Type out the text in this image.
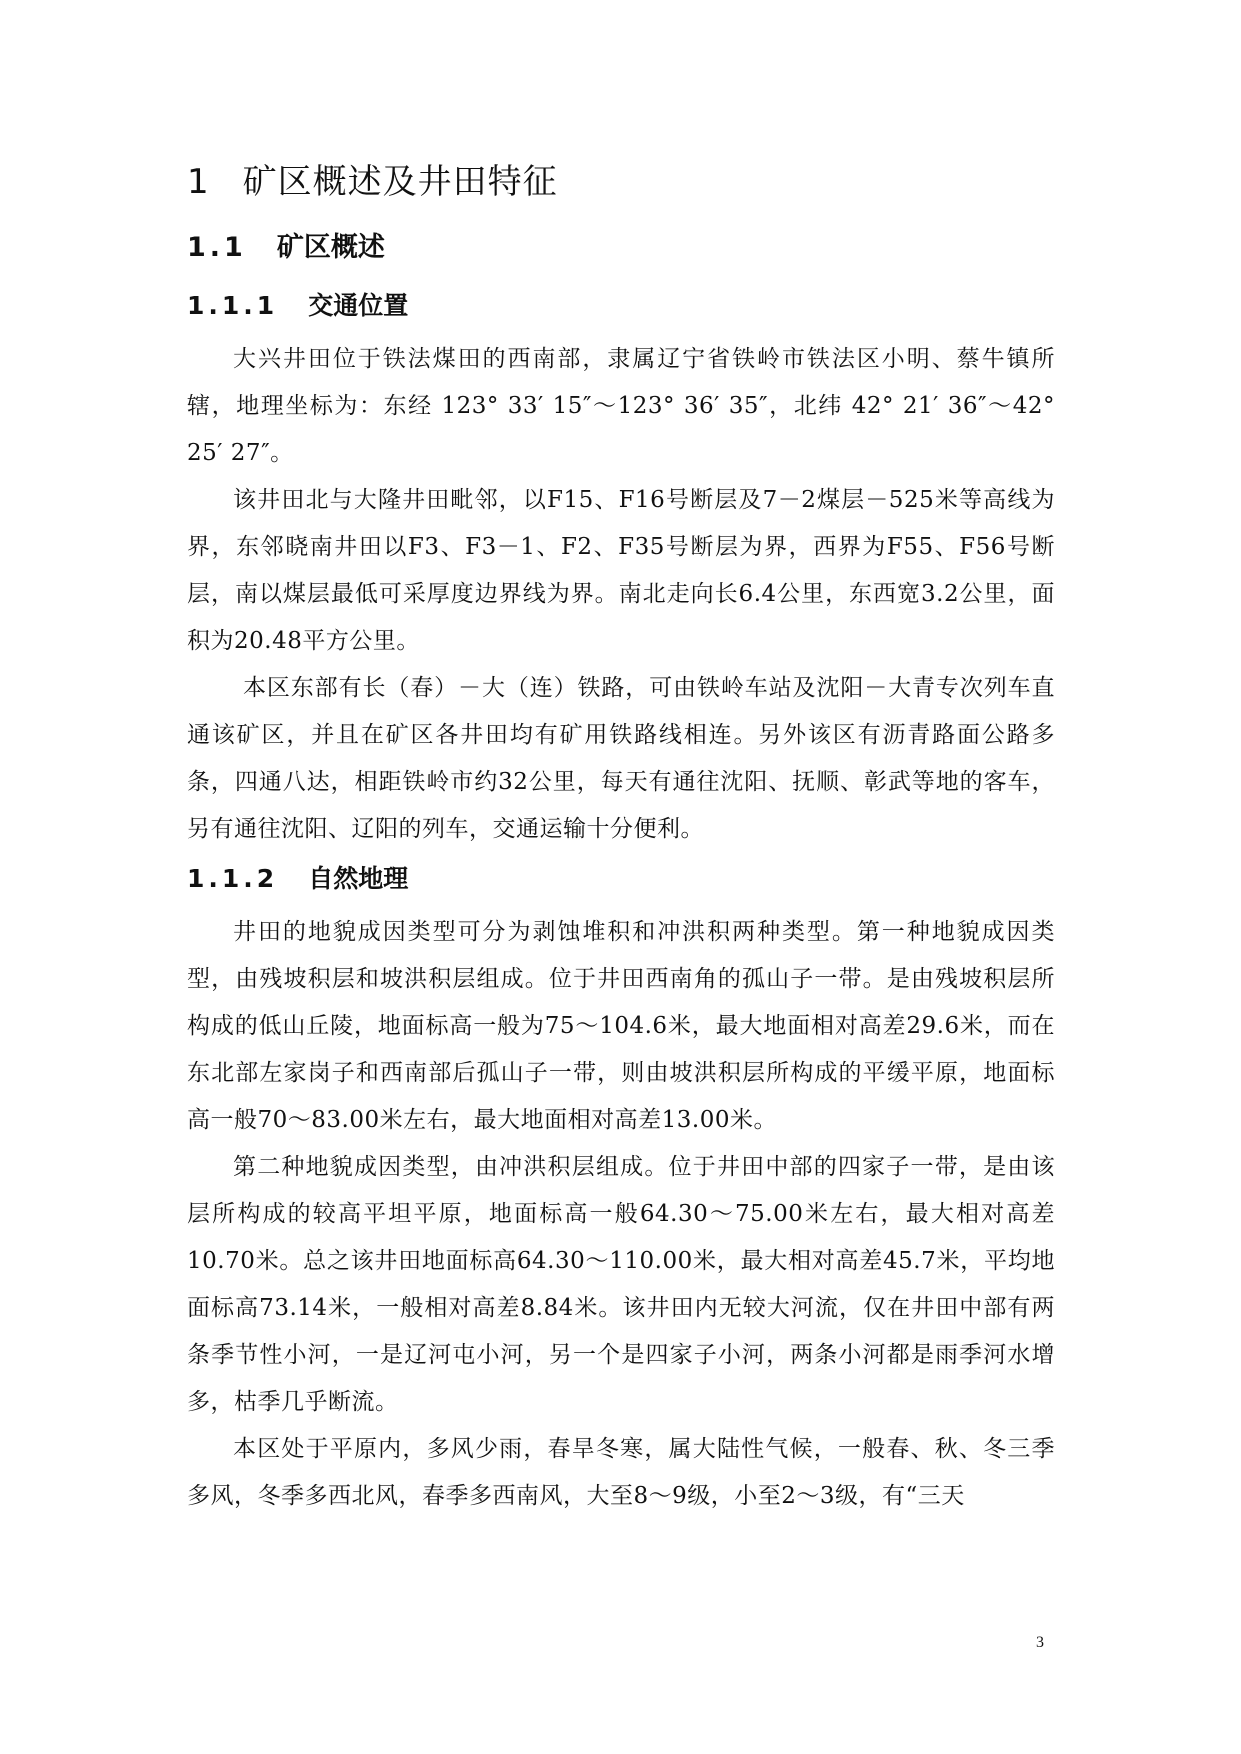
1 矿区概述及井田特征
1.1 矿区概述
1.1.1 交通位置

大兴井田位于铁法煤田的西南部，隶属辽宁省铁岭市铁法区小明、蔡牛镇所辖，地理坐标为：东经 123° 33′ 15″～123° 36′ 35″，北纬 42° 21′ 36″～42° 25′ 27″。

该井田北与大隆井田毗邻，以F15、F16号断层及7－2煤层－525米等高线为界，东邻晓南井田以F3、F3－1、F2、F35号断层为界，西界为F55、F56号断层，南以煤层最低可采厚度边界线为界。南北走向长6.4公里，东西宽3.2公里，面积为20.48平方公里。

本区东部有长（春）－大（连）铁路，可由铁岭车站及沈阳－大青专次列车直通该矿区，并且在矿区各井田均有矿用铁路线相连。另外该区有沥青路面公路多条，四通八达，相距铁岭市约32公里，每天有通往沈阳、抚顺、彰武等地的客车，另有通往沈阳、辽阳的列车，交通运输十分便利。

1.1.2 自然地理

井田的地貌成因类型可分为剥蚀堆积和冲洪积两种类型。第一种地貌成因类型，由残坡积层和坡洪积层组成。位于井田西南角的孤山子一带。是由残坡积层所构成的低山丘陵，地面标高一般为75～104.6米，最大地面相对高差29.6米，而在东北部左家岗子和西南部后孤山子一带，则由坡洪积层所构成的平缓平原，地面标高一般70～83.00米左右，最大地面相对高差13.00米。

第二种地貌成因类型，由冲洪积层组成。位于井田中部的四家子一带，是由该层所构成的较高平坦平原，地面标高一般64.30～75.00米左右，最大相对高差10.70米。总之该井田地面标高64.30～110.00米，最大相对高差45.7米，平均地面标高73.14米，一般相对高差8.84米。该井田内无较大河流，仅在井田中部有两条季节性小河，一是辽河屯小河，另一个是四家子小河，两条小河都是雨季河水增多，枯季几乎断流。

本区处于平原内，多风少雨，春旱冬寒，属大陆性气候，一般春、秋、冬三季多风，冬季多西北风，春季多西南风，大至8～9级，小至2～3级，有“三天

3
